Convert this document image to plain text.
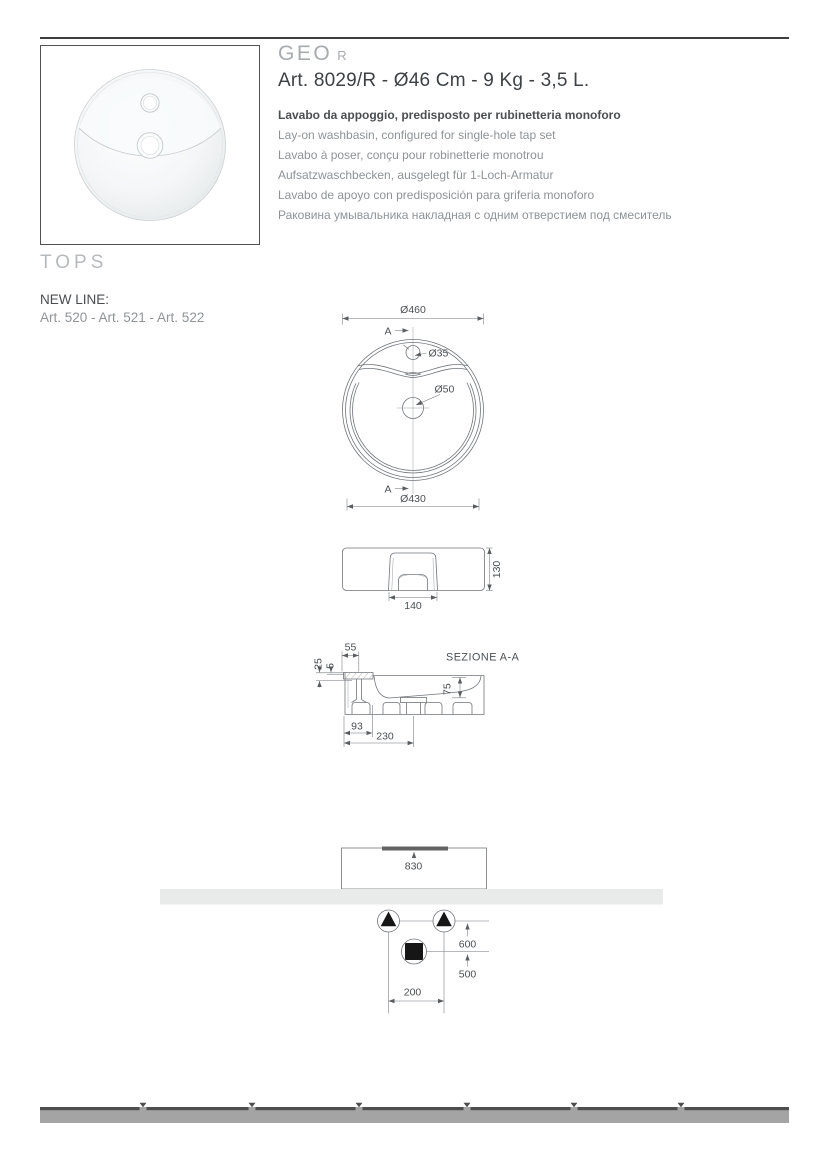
GEO R
Art. 8029/R - Ø46 Cm - 9 Kg - 3,5 L.

Lavabo da appoggio, predisposto per rubinetteria monoforo

Lay-on washbasin, configured for single-hole tap set

Lavabo à poser, conçu pour robinetterie monotrou

Aufsatzwaschbecken, ausgelegt für 1-Loch-Armatur

Lavabo de apoyo con predisposición para griferia monoforo

Раковина умывальника накладная с одним отверстием под смеситель

TOPS
NEW LINE:
Art. 520 - Art. 521 - Art. 522	Ø460
A
Ø35
Ø50
A
Ø430
130
140
SEZIONE A-A
55
25 5
75
93
230
830
600
500
200
